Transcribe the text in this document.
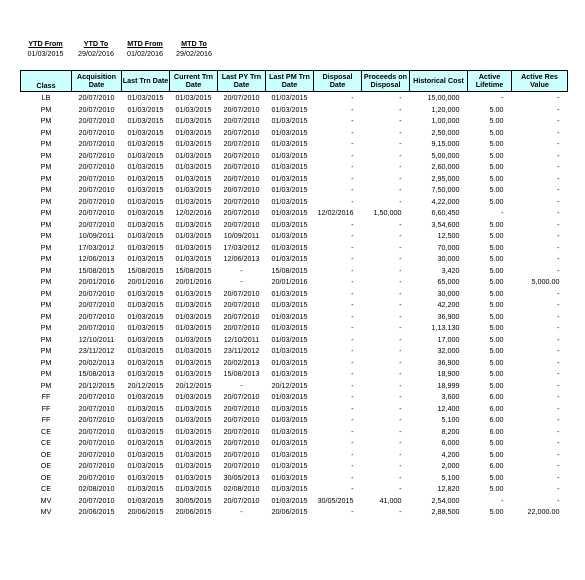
YTD From	YTD To	MTD From	MTD To
01/03/2015	29/02/2016	01/02/2016	29/02/2016
Class	Acquisition Date	Last Trn Date	Current Trn Date	Last PY Trn Date	Last PM Trn Date	Disposal Date	Proceeds on Disposal	Historical Cost	Active Lifetime	Active Res Value
LB	20/07/2010	01/03/2015	01/03/2015	20/07/2010	01/03/2015	-	-	15,00,000	-	-
PM	20/07/2010	01/03/2015	01/03/2015	20/07/2010	01/03/2015	-	-	1,20,000	5.00	-
PM	20/07/2010	01/03/2015	01/03/2015	20/07/2010	01/03/2015	-	-	1,00,000	5.00	-
PM	20/07/2010	01/03/2015	01/03/2015	20/07/2010	01/03/2015	-	-	2,50,000	5.00	-
PM	20/07/2010	01/03/2015	01/03/2015	20/07/2010	01/03/2015	-	-	9,15,000	5.00	-
PM	20/07/2010	01/03/2015	01/03/2015	20/07/2010	01/03/2015	-	-	5,00,000	5.00	-
PM	20/07/2010	01/03/2015	01/03/2015	20/07/2010	01/03/2015	-	-	2,60,000	5.00	-
PM	20/07/2010	01/03/2015	01/03/2015	20/07/2010	01/03/2015	-	-	2,95,000	5.00	-
PM	20/07/2010	01/03/2015	01/03/2015	20/07/2010	01/03/2015	-	-	7,50,000	5.00	-
PM	20/07/2010	01/03/2015	01/03/2015	20/07/2010	01/03/2015	-	-	4,22,000	5.00	-
PM	20/07/2010	01/03/2015	12/02/2016	20/07/2010	01/03/2015	12/02/2016	1,50,000	6,60,450	-	-
PM	20/07/2010	01/03/2015	01/03/2015	20/07/2010	01/03/2015	-	-	3,54,600	5.00	-
PM	10/09/2011	01/03/2015	01/03/2015	10/09/2011	01/03/2015	-	-	12,500	5.00	-
PM	17/03/2012	01/03/2015	01/03/2015	17/03/2012	01/03/2015	-	-	70,000	5.00	-
PM	12/06/2013	01/03/2015	01/03/2015	12/06/2013	01/03/2015	-	-	30,000	5.00	-
PM	15/08/2015	15/08/2015	15/08/2015	-	15/08/2015	-	-	3,420	5.00	-
PM	20/01/2016	20/01/2016	20/01/2016	-	20/01/2016	-	-	65,000	5.00	5,000.00
PM	20/07/2010	01/03/2015	01/03/2015	20/07/2010	01/03/2015	-	-	30,000	5.00	-
PM	20/07/2010	01/03/2015	01/03/2015	20/07/2010	01/03/2015	-	-	42,200	5.00	-
PM	20/07/2010	01/03/2015	01/03/2015	20/07/2010	01/03/2015	-	-	36,900	5.00	-
PM	20/07/2010	01/03/2015	01/03/2015	20/07/2010	01/03/2015	-	-	1,13,130	5.00	-
PM	12/10/2011	01/03/2015	01/03/2015	12/10/2011	01/03/2015	-	-	17,000	5.00	-
PM	23/11/2012	01/03/2015	01/03/2015	23/11/2012	01/03/2015	-	-	32,000	5.00	-
PM	20/02/2013	01/03/2015	01/03/2015	20/02/2013	01/03/2015	-	-	36,900	5.00	-
PM	15/08/2013	01/03/2015	01/03/2015	15/08/2013	01/03/2015	-	-	18,900	5.00	-
PM	20/12/2015	20/12/2015	20/12/2015	-	20/12/2015	-	-	18,999	5.00	-
FF	20/07/2010	01/03/2015	01/03/2015	20/07/2010	01/03/2015	-	-	3,600	6.00	-
FF	20/07/2010	01/03/2015	01/03/2015	20/07/2010	01/03/2015	-	-	12,400	6.00	-
FF	20/07/2010	01/03/2015	01/03/2015	20/07/2010	01/03/2015	-	-	5,100	6.00	-
CE	20/07/2010	01/03/2015	01/03/2015	20/07/2010	01/03/2015	-	-	8,200	6.00	-
CE	20/07/2010	01/03/2015	01/03/2015	20/07/2010	01/03/2015	-	-	6,000	5.00	-
OE	20/07/2010	01/03/2015	01/03/2015	20/07/2010	01/03/2015	-	-	4,200	5.00	-
OE	20/07/2010	01/03/2015	01/03/2015	20/07/2010	01/03/2015	-	-	2,000	6.00	-
OE	20/07/2010	01/03/2015	01/03/2015	30/05/2013	01/03/2015	-	-	5,100	5.00	-
CE	02/08/2010	01/03/2015	01/03/2015	02/08/2010	01/03/2015	-	-	12,820	5.00	-
MV	20/07/2010	01/03/2015	30/05/2015	20/07/2010	01/03/2015	30/05/2015	41,000	2,54,000	-	-
MV	20/06/2015	20/06/2015	20/06/2015	-	20/06/2015	-	-	2,88,500	5.00	22,000.00
